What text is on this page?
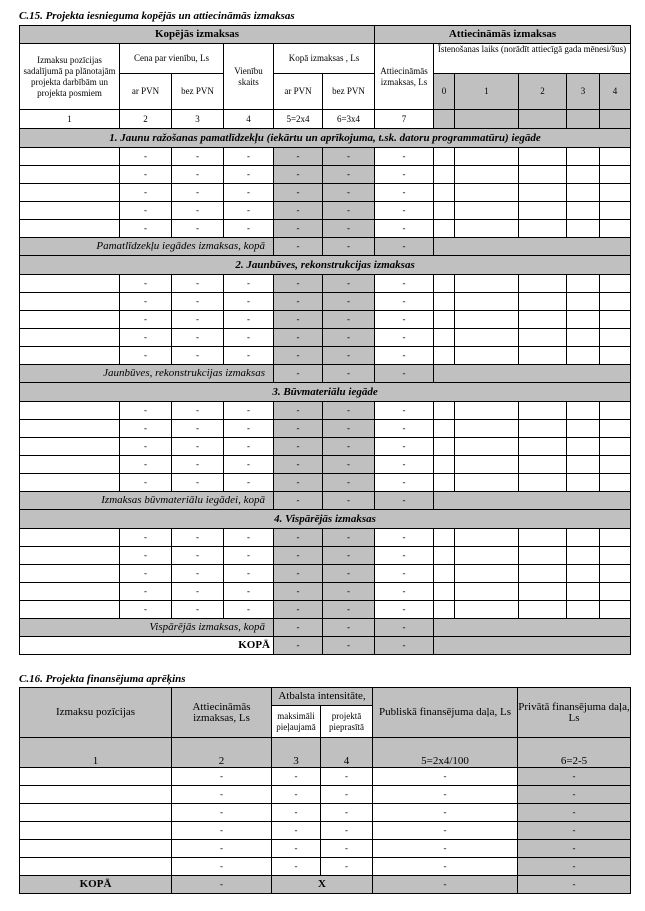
C.15. Projekta iesnieguma kopējās un attiecināmās izmaksas
Kopējās izmaksas						Attiecināmās izmaksas					
Izmaksu pozīcijas sadalījumā pa plānotajām projekta darbībām un projekta posmiem	Cena par vienību, Ls		Vienību skaits	Kopā izmaksas , Ls		Attiecināmās izmaksas, Ls	Īstenošanas laiks (norādīt attiecīgā gada mēnesi/šus)				
	ar PVN	bez PVN		ar PVN	bez PVN		0	1	2	3	4
1	2	3	4	5=2x4	6=3x4	7					
1. Jaunu ražošanas pamatlīdzekļu (iekārtu un aprīkojuma, t.sk. datoru programmatūru) iegāde											
	-	-	-	-	-	-					
	-	-	-	-	-	-					
	-	-	-	-	-	-					
	-	-	-	-	-	-					
	-	-	-	-	-	-					
Pamatlīdzekļu iegādes izmaksas, kopā				-	-	-					
2. Jaunbūves, rekonstrukcijas izmaksas											
	-	-	-	-	-	-					
	-	-	-	-	-	-					
	-	-	-	-	-	-					
	-	-	-	-	-	-					
	-	-	-	-	-	-					
Jaunbūves, rekonstrukcijas izmaksas				-	-	-					
3. Būvmateriālu iegāde											
	-	-	-	-	-	-					
	-	-	-	-	-	-					
	-	-	-	-	-	-					
	-	-	-	-	-	-					
	-	-	-	-	-	-					
Izmaksas būvmateriālu iegādei, kopā				-	-	-					
4. Vispārējās izmaksas											
	-	-	-	-	-	-					
	-	-	-	-	-	-					
	-	-	-	-	-	-					
	-	-	-	-	-	-					
	-	-	-	-	-	-					
Vispārējās izmaksas, kopā				-	-	-					
KOPĀ				-	-	-					
C.16. Projekta finansējuma aprēķins
Izmaksu pozīcijas	Attiecināmās izmaksas, Ls	Atbalsta intensitāte,		Publiskā finansējuma daļa, Ls	Privātā finansējuma daļa, Ls
		maksimāli pieļaujamā	projektā pieprasītā		
1	2	3	4	5=2x4/100	6=2-5
	-	-	-	-	-
	-	-	-	-	-
	-	-	-	-	-
	-	-	-	-	-
	-	-	-	-	-
	-	-	-	-	-
KOPĀ	-	X		-	-
